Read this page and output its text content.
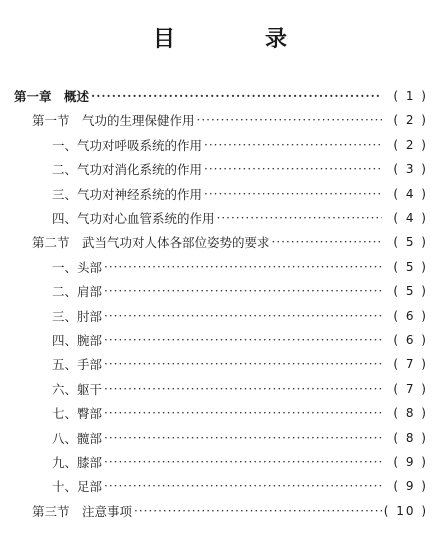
目　录
第一章　概述 ·····	( 1 )
第一节　气功的生理保健作用 ·····	( 2 )
一、气功对呼吸系统的作用 ·····	( 2 )
二、气功对消化系统的作用 ·····	( 3 )
三、气功对神经系统的作用 ·····	( 4 )
四、气功对心血管系统的作用 ·····	( 4 )
第二节　武当气功对人体各部位姿势的要求 ·····	( 5 )
一、头部 ·····	( 5 )
二、肩部 ·····	( 5 )
三、肘部 ·····	( 6 )
四、腕部 ·····	( 6 )
五、手部 ·····	( 7 )
六、躯干 ·····	( 7 )
七、臀部 ·····	( 8 )
八、髋部 ·····	( 8 )
九、膝部 ·····	( 9 )
十、足部 ·····	( 9 )
第三节　注意事项 ·····	( 10 )
